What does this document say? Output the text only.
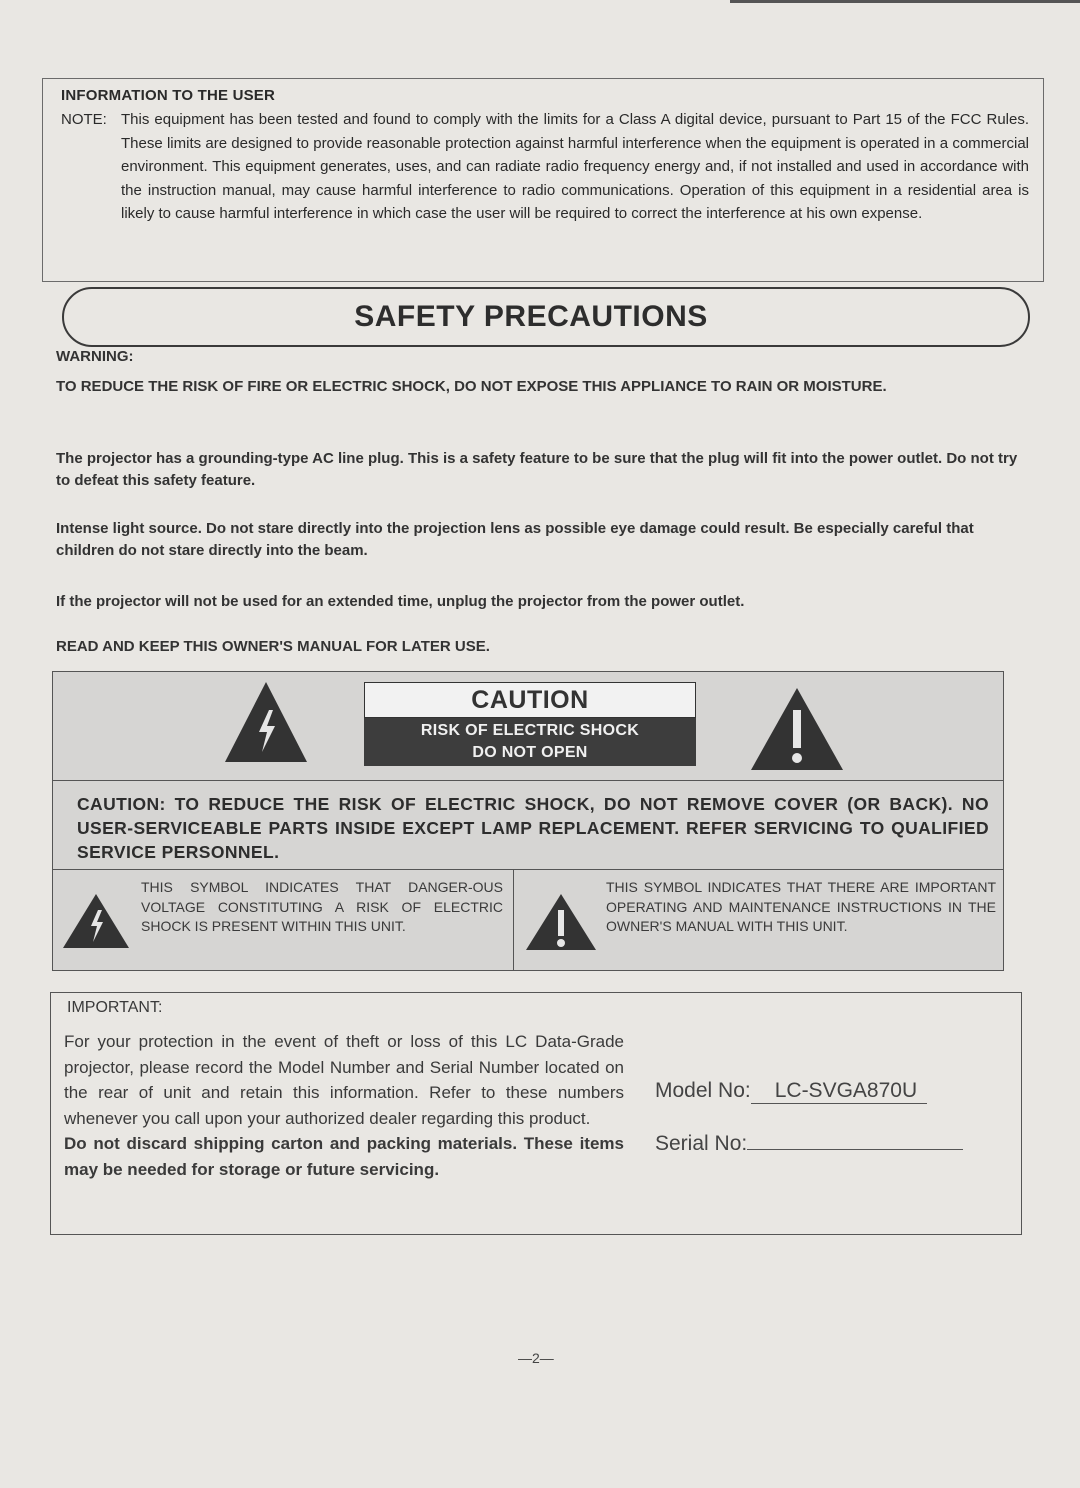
INFORMATION TO THE USER
NOTE: This equipment has been tested and found to comply with the limits for a Class A digital device, pursuant to Part 15 of the FCC Rules. These limits are designed to provide reasonable protection against harmful interference when the equipment is operated in a commercial environment. This equipment generates, uses, and can radiate radio frequency energy and, if not installed and used in accordance with the instruction manual, may cause harmful interference to radio communications. Operation of this equipment in a residential area is likely to cause harmful interference in which case the user will be required to correct the interference at his own expense.
SAFETY PRECAUTIONS
WARNING:
TO REDUCE THE RISK OF FIRE OR ELECTRIC SHOCK, DO NOT EXPOSE THIS APPLIANCE TO RAIN OR MOISTURE.
The projector has a grounding-type AC line plug. This is a safety feature to be sure that the plug will fit into the power outlet. Do not try to defeat this safety feature.
Intense light source. Do not stare directly into the projection lens as possible eye damage could result. Be especially careful that children do not stare directly into the beam.
If the projector will not be used for an extended time, unplug the projector from the power outlet.
READ AND KEEP THIS OWNER'S MANUAL FOR LATER USE.
CAUTION
RISK OF ELECTRIC SHOCK
DO NOT OPEN
CAUTION: TO REDUCE THE RISK OF ELECTRIC SHOCK, DO NOT REMOVE COVER (OR BACK). NO USER-SERVICEABLE PARTS INSIDE EXCEPT LAMP REPLACEMENT. REFER SERVICING TO QUALIFIED SERVICE PERSONNEL.
THIS SYMBOL INDICATES THAT DANGER-OUS VOLTAGE CONSTITUTING A RISK OF ELECTRIC SHOCK IS PRESENT WITHIN THIS UNIT.
THIS SYMBOL INDICATES THAT THERE ARE IMPORTANT OPERATING AND MAINTENANCE INSTRUCTIONS IN THE OWNER'S MANUAL WITH THIS UNIT.
IMPORTANT:
For your protection in the event of theft or loss of this LC Data-Grade projector, please record the Model Number and Serial Number located on the rear of unit and retain this information. Refer to these numbers whenever you call upon your authorized dealer regarding this product.
Do not discard shipping carton and packing materials. These items may be needed for storage or future servicing.
Model No: LC-SVGA870U
Serial No:
—2—
